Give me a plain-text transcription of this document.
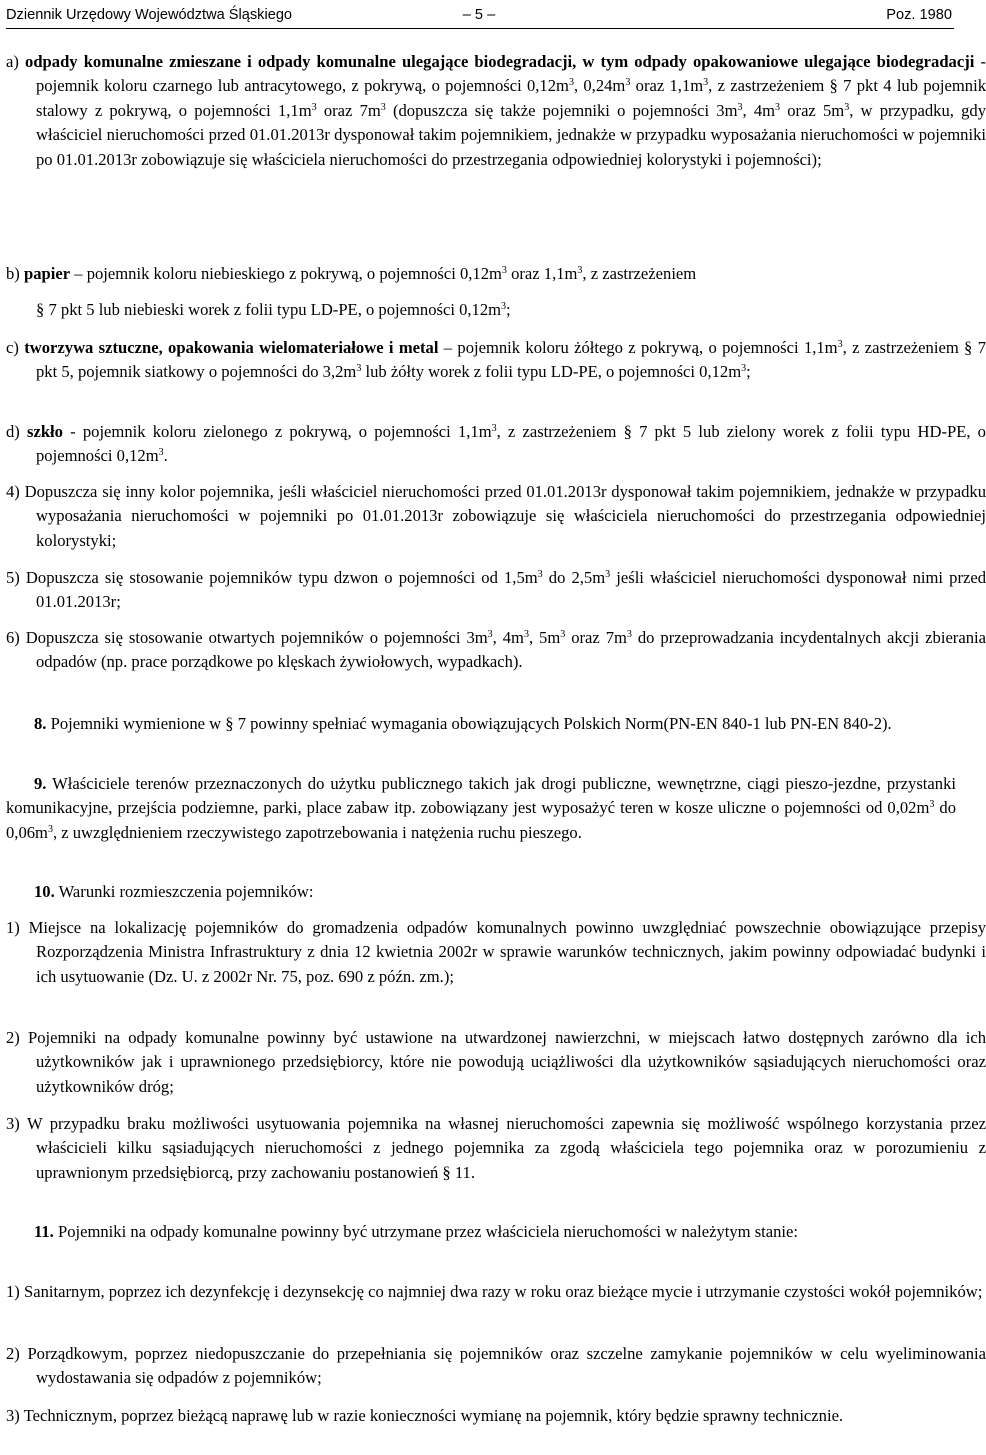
Dziennik Urzędowy Województwa Śląskiego	– 5 –	Poz. 1980
a) odpady komunalne zmieszane i odpady komunalne ulegające biodegradacji, w tym odpady opakowaniowe ulegające biodegradacji - pojemnik koloru czarnego lub antracytowego, z pokrywą, o pojemności $0,12m^3$, $0,24m^3$ oraz $1,1m^3$, z zastrzeżeniem § 7 pkt 4 lub pojemnik stalowy z pokrywą, o pojemności $1,1m^3$ oraz $7m^3$ (dopuszcza się także pojemniki o pojemności $3m^3$, $4m^3$ oraz $5m^3$, w przypadku, gdy właściciel nieruchomości przed 01.01.2013r dysponował takim pojemnikiem, jednakże w przypadku wyposażania nieruchomości w pojemniki po 01.01.2013r zobowiązuje się właściciela nieruchomości do przestrzegania odpowiedniej kolorystyki i pojemności);

b) papier – pojemnik koloru niebieskiego z pokrywą, o pojemności $0,12m^3$ oraz $1,1m^3$, z zastrzeżeniem

§ 7 pkt 5 lub niebieski worek z folii typu LD-PE, o pojemności $0,12m^3$;

c) tworzywa sztuczne, opakowania wielomateriałowe i metal – pojemnik koloru żółtego z pokrywą, o pojemności $1,1m^3$, z zastrzeżeniem § 7 pkt 5, pojemnik siatkowy o pojemności do $3,2m^3$ lub żółty worek z folii typu LD-PE, o pojemności $0,12m^3$;
d) szkło - pojemnik koloru zielonego z pokrywą, o pojemności $1,1m^3$, z zastrzeżeniem § 7 pkt 5 lub zielony worek z folii typu HD-PE, o pojemności $0,12m^3$.
4) Dopuszcza się inny kolor pojemnika, jeśli właściciel nieruchomości przed 01.01.2013r dysponował takim pojemnikiem, jednakże w przypadku wyposażania nieruchomości w pojemniki po 01.01.2013r zobowiązuje się właściciela nieruchomości do przestrzegania odpowiedniej kolorystyki;
5) Dopuszcza się stosowanie pojemników typu dzwon o pojemności od $1,5m^3$ do $2,5m^3$ jeśli właściciel nieruchomości dysponował nimi przed 01.01.2013r;
6) Dopuszcza się stosowanie otwartych pojemników o pojemności $3m^3$, $4m^3$, $5m^3$ oraz $7m^3$ do przeprowadzania incydentalnych akcji zbierania odpadów (np. prace porządkowe po klęskach żywiołowych, wypadkach).
8. Pojemniki wymienione w § 7 powinny spełniać wymagania obowiązujących Polskich Norm(PN-EN 840-1 lub PN-EN 840-2).
9. Właściciele terenów przeznaczonych do użytku publicznego takich jak drogi publiczne, wewnętrzne, ciągi pieszo-jezdne, przystanki komunikacyjne, przejścia podziemne, parki, place zabaw itp. zobowiązany jest wyposażyć teren w kosze uliczne o pojemności od $0,02m^3$ do $0,06m^3$, z uwzględnieniem rzeczywistego zapotrzebowania i natężenia ruchu pieszego.
10. Warunki rozmieszczenia pojemników:
1) Miejsce na lokalizację pojemników do gromadzenia odpadów komunalnych powinno uwzględniać powszechnie obowiązujące przepisy Rozporządzenia Ministra Infrastruktury z dnia 12 kwietnia 2002r w sprawie warunków technicznych, jakim powinny odpowiadać budynki i ich usytuowanie (Dz. U. z 2002r Nr. 75, poz. 690 z późn. zm.);
2) Pojemniki na odpady komunalne powinny być ustawione na utwardzonej nawierzchni, w miejscach łatwo dostępnych zarówno dla ich użytkowników jak i uprawnionego przedsiębiorcy, które nie powodują uciążliwości dla użytkowników sąsiadujących nieruchomości oraz użytkowników dróg;
3) W przypadku braku możliwości usytuowania pojemnika na własnej nieruchomości zapewnia się możliwość wspólnego korzystania przez właścicieli kilku sąsiadujących nieruchomości z jednego pojemnika za zgodą właściciela tego pojemnika oraz w porozumieniu z uprawnionym przedsiębiorcą, przy zachowaniu postanowień § 11.
11. Pojemniki na odpady komunalne powinny być utrzymane przez właściciela nieruchomości w należytym stanie:
1) Sanitarnym, poprzez ich dezynfekcję i dezynsekcję co najmniej dwa razy w roku oraz bieżące mycie i utrzymanie czystości wokół pojemników;
2) Porządkowym, poprzez niedopuszczanie do przepełniania się pojemników oraz szczelne zamykanie pojemników w celu wyeliminowania wydostawania się odpadów z pojemników;
3) Technicznym, poprzez bieżącą naprawę lub w razie konieczności wymianę na pojemnik, który będzie sprawny technicznie.
